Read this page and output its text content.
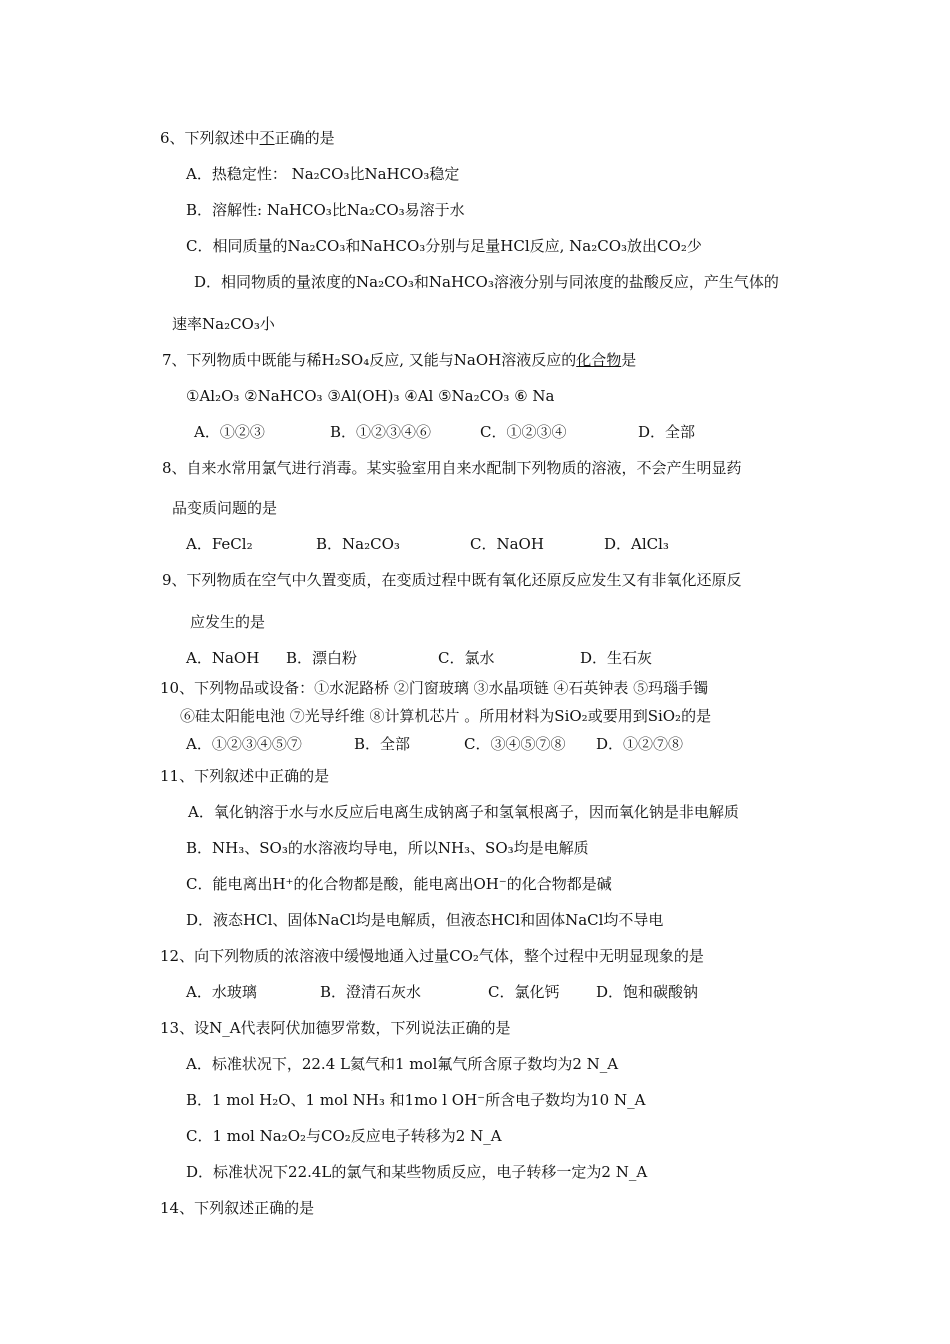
6、下列叙述中不正确的是
A．热稳定性： Na₂CO₃比NaHCO₃稳定
B．溶解性: NaHCO₃比Na₂CO₃易溶于水
C．相同质量的Na₂CO₃和NaHCO₃分别与足量HCl反应, Na₂CO₃放出CO₂少
D．相同物质的量浓度的Na₂CO₃和NaHCO₃溶液分别与同浓度的盐酸反应，产生气体的
速率Na₂CO₃小
7、下列物质中既能与稀H₂SO₄反应, 又能与NaOH溶液反应的化合物是
①Al₂O₃ ②NaHCO₃ ③Al(OH)₃ ④Al ⑤Na₂CO₃ ⑥ Na
A．①②③	B．①②③④⑥	C．①②③④	D．全部
8、自来水常用氯气进行消毒。某实验室用自来水配制下列物质的溶液，不会产生明显药
品变质问题的是
A．FeCl₂	B．Na₂CO₃	C．NaOH	D．AlCl₃
9、下列物质在空气中久置变质，在变质过程中既有氧化还原反应发生又有非氧化还原反
应发生的是
A．NaOH B．漂白粉	C．氯水	D．生石灰
10、下列物品或设备：①水泥路桥 ②门窗玻璃 ③水晶项链 ④石英钟表 ⑤玛瑙手镯
⑥硅太阳能电池 ⑦光导纤维 ⑧计算机芯片 。所用材料为SiO₂或要用到SiO₂的是
A．①②③④⑤⑦	B．全部	C．③④⑤⑦⑧ D．①②⑦⑧
11、下列叙述中正确的是
A．氧化钠溶于水与水反应后电离生成钠离子和氢氧根离子，因而氧化钠是非电解质
B．NH₃、SO₃的水溶液均导电，所以NH₃、SO₃均是电解质
C．能电离出H⁺的化合物都是酸，能电离出OH⁻的化合物都是碱
D．液态HCl、固体NaCl均是电解质，但液态HCl和固体NaCl均不导电
12、向下列物质的浓溶液中缓慢地通入过量CO₂气体，整个过程中无明显现象的是
A．水玻璃	B．澄清石灰水	C．氯化钙 D．饱和碳酸钠
13、设N_A代表阿伏加德罗常数，下列说法正确的是
A．标准状况下，22.4 L氦气和1 mol氟气所含原子数均为2 N_A
B．1 mol H₂O、1 mol NH₃ 和1mo l OH⁻所含电子数均为10 N_A
C．1 mol Na₂O₂与CO₂反应电子转移为2 N_A
D．标准状况下22.4L的氯气和某些物质反应，电子转移一定为2 N_A
14、下列叙述正确的是
